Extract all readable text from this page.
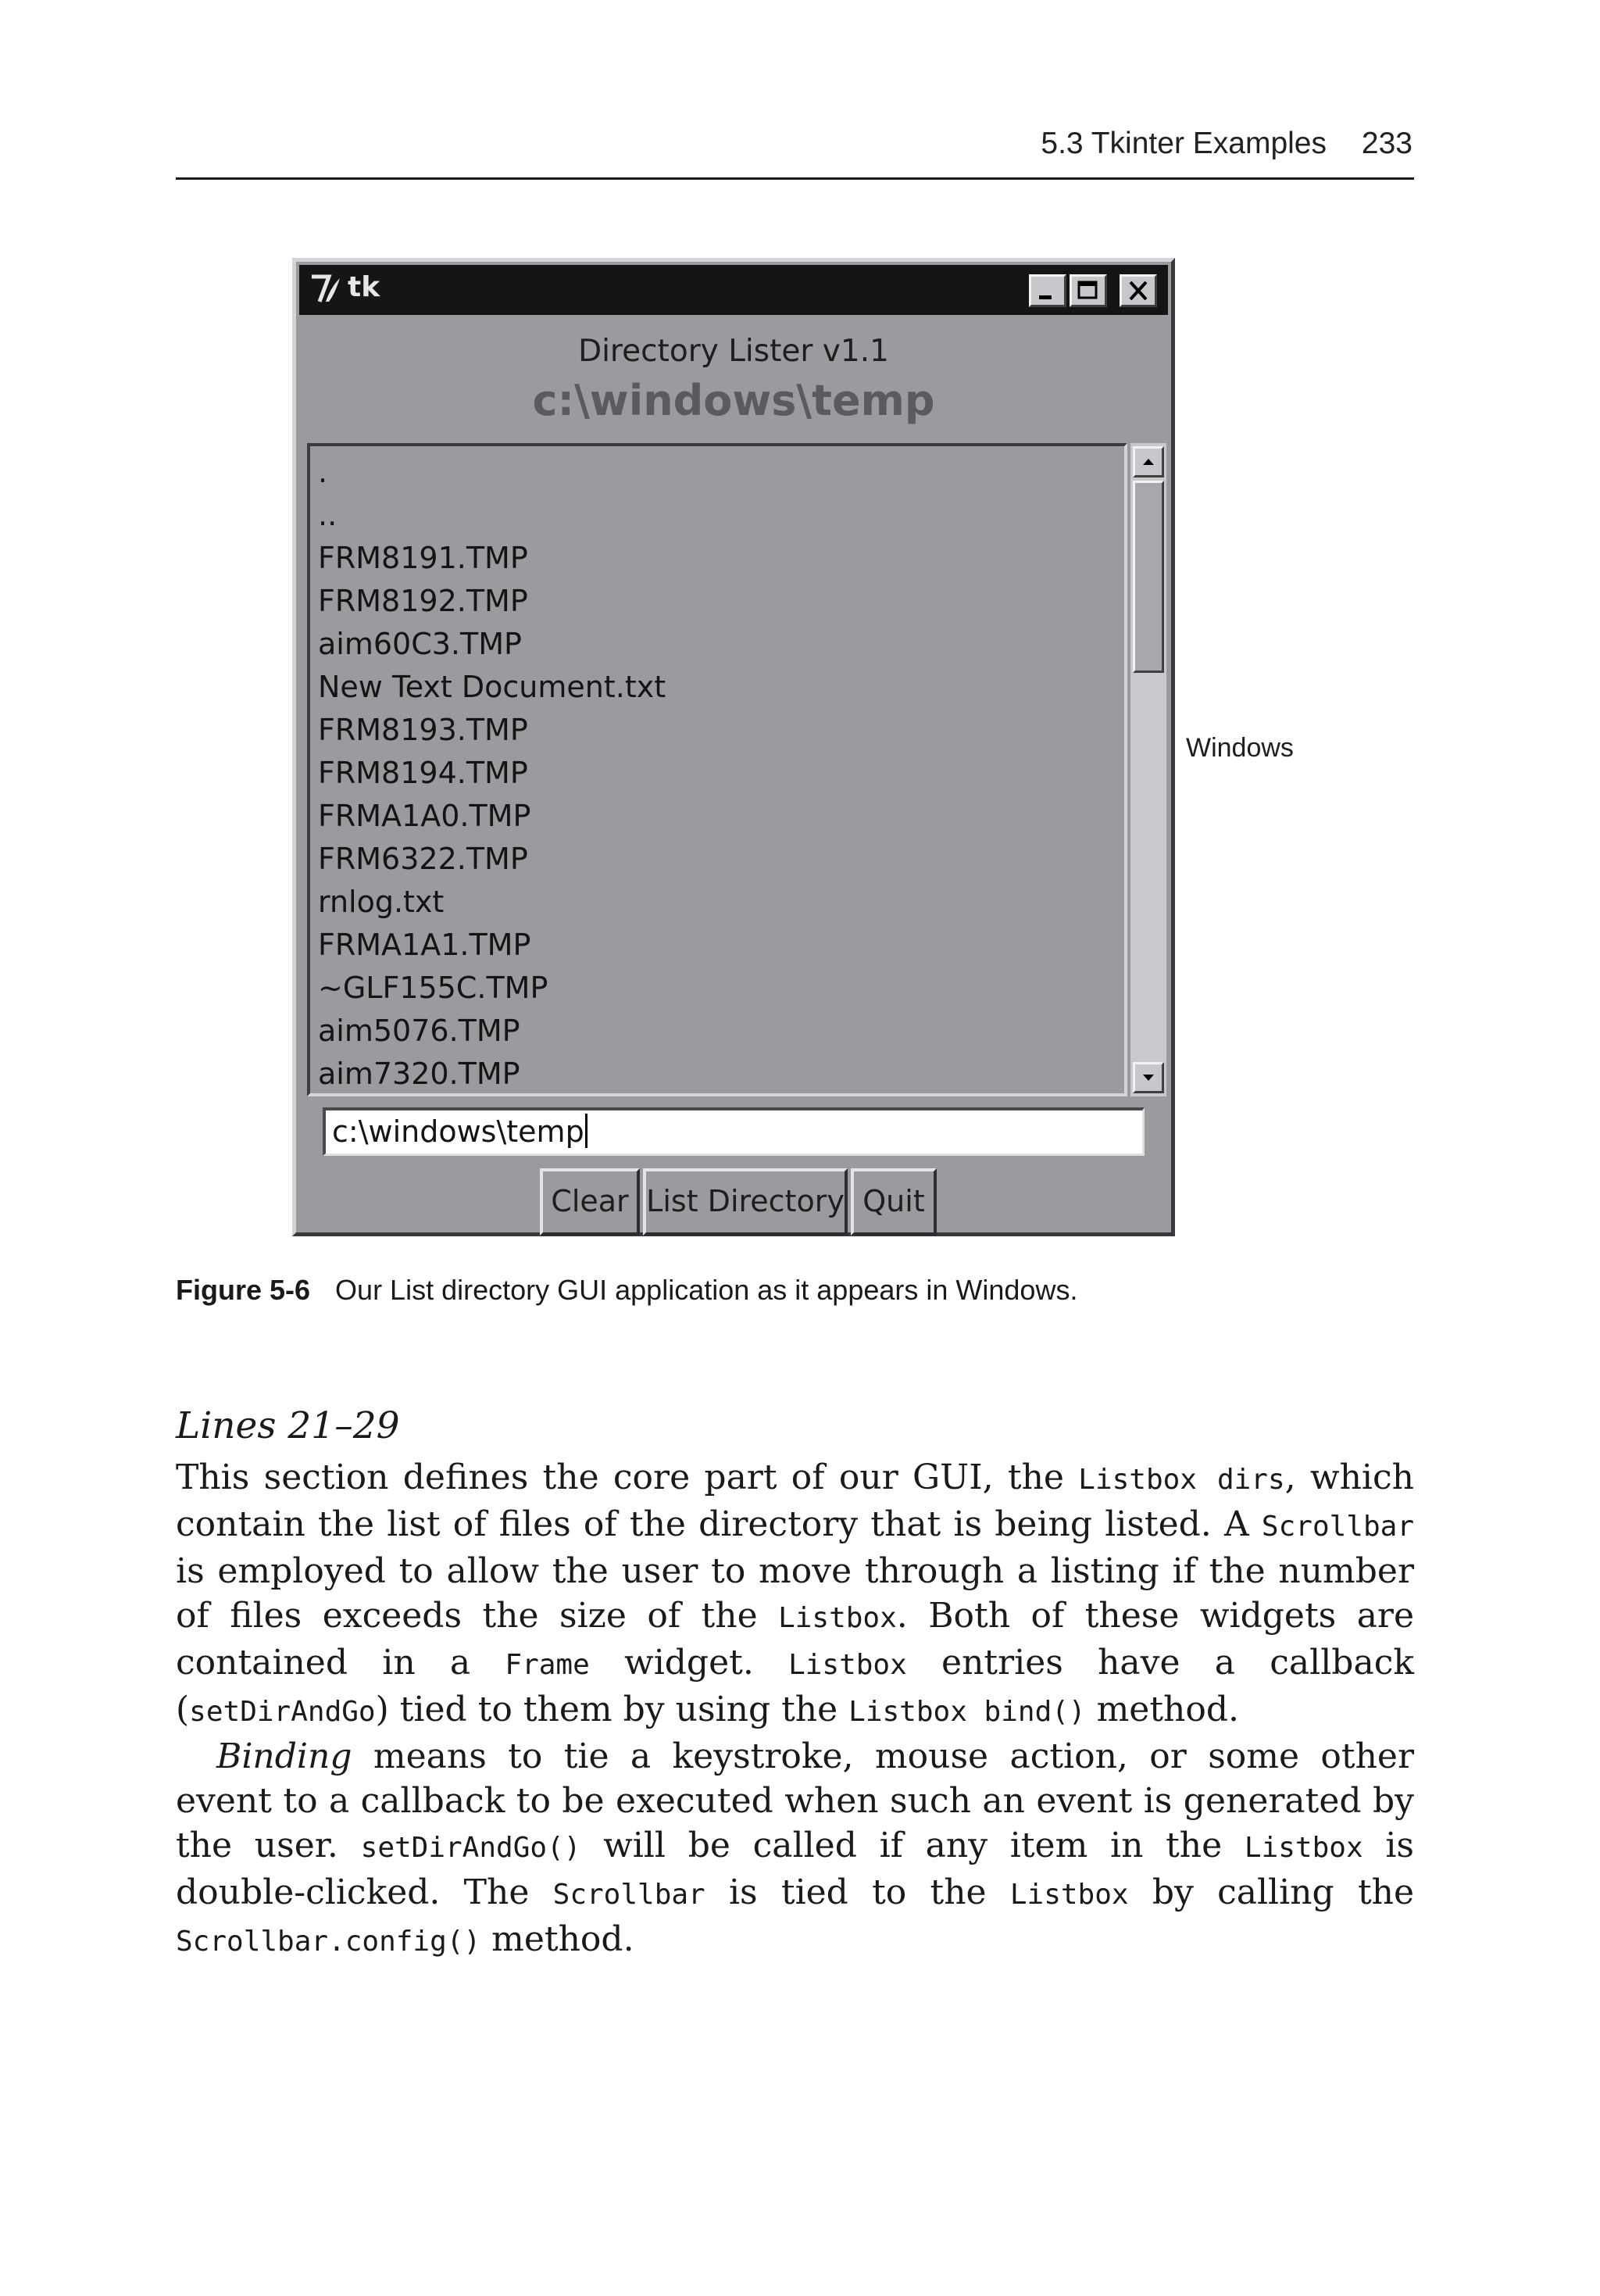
5.3 Tkinter Examples 233
tk
Directory Lister v1.1
c:\windows\temp
.
..
FRM8191.TMP
FRM8192.TMP
aim60C3.TMP
New Text Document.txt
FRM8193.TMP
FRM8194.TMP
FRMA1A0.TMP
FRM6322.TMP
rnlog.txt
FRMA1A1.TMP
~GLF155C.TMP
aim5076.TMP
aim7320.TMP
c:\windows\temp
Clear List Directory Quit
Windows
Figure 5-6 Our List directory GUI application as it appears in Windows.
Lines 21–29

This section defines the core part of our GUI, the Listbox dirs, which contain the list of files of the directory that is being listed. A Scrollbar is employed to allow the user to move through a listing if the number of files exceeds the size of the Listbox. Both of these widgets are contained in a Frame widget. Listbox entries have a callback (setDirAndGo) tied to them by using the Listbox bind() method.

Binding means to tie a keystroke, mouse action, or some other event to a callback to be executed when such an event is generated by the user. setDirAndGo() will be called if any item in the Listbox is double-clicked. The Scrollbar is tied to the Listbox by calling the Scrollbar.config() method.
